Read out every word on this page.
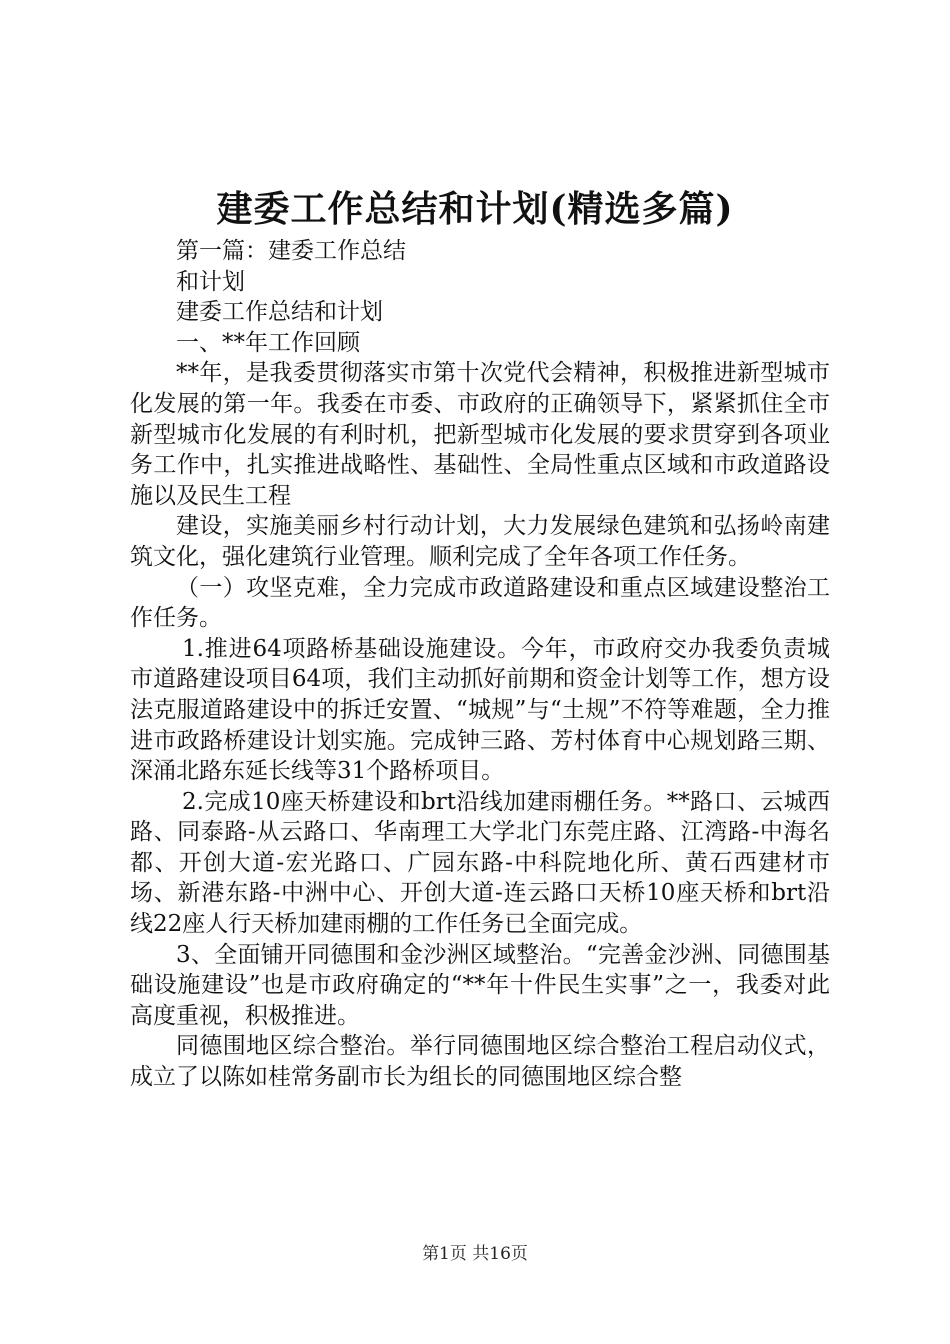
建委工作总结和计划(精选多篇)

第一篇：建委工作总结

和计划

建委工作总结和计划

一、**年工作回顾

**年，是我委贯彻落实市第十次党代会精神，积极推进新型城市化发展的第一年。我委在市委、市政府的正确领导下，紧紧抓住全市新型城市化发展的有利时机，把新型城市化发展的要求贯穿到各项业务工作中，扎实推进战略性、基础性、全局性重点区域和市政道路设施以及民生工程

建设，实施美丽乡村行动计划，大力发展绿色建筑和弘扬岭南建筑文化，强化建筑行业管理。顺利完成了全年各项工作任务。

（一）攻坚克难，全力完成市政道路建设和重点区域建设整治工作任务。

1.推进64项路桥基础设施建设。今年，市政府交办我委负责城市道路建设项目64项，我们主动抓好前期和资金计划等工作，想方设法克服道路建设中的拆迁安置、“城规”与“土规”不符等难题，全力推进市政路桥建设计划实施。完成钟三路、芳村体育中心规划路三期、深涌北路东延长线等31个路桥项目。

2.完成10座天桥建设和brt沿线加建雨棚任务。**路口、云城西路、同泰路-从云路口、华南理工大学北门东莞庄路、江湾路-中海名都、开创大道-宏光路口、广园东路-中科院地化所、黄石西建材市场、新港东路-中洲中心、开创大道-连云路口天桥10座天桥和brt沿线22座人行天桥加建雨棚的工作任务已全面完成。

3、全面铺开同德围和金沙洲区域整治。“完善金沙洲、同德围基础设施建设”也是市政府确定的“**年十件民生实事”之一，我委对此高度重视，积极推进。

同德围地区综合整治。举行同德围地区综合整治工程启动仪式，成立了以陈如桂常务副市长为组长的同德围地区综合整

第1页 共16页
